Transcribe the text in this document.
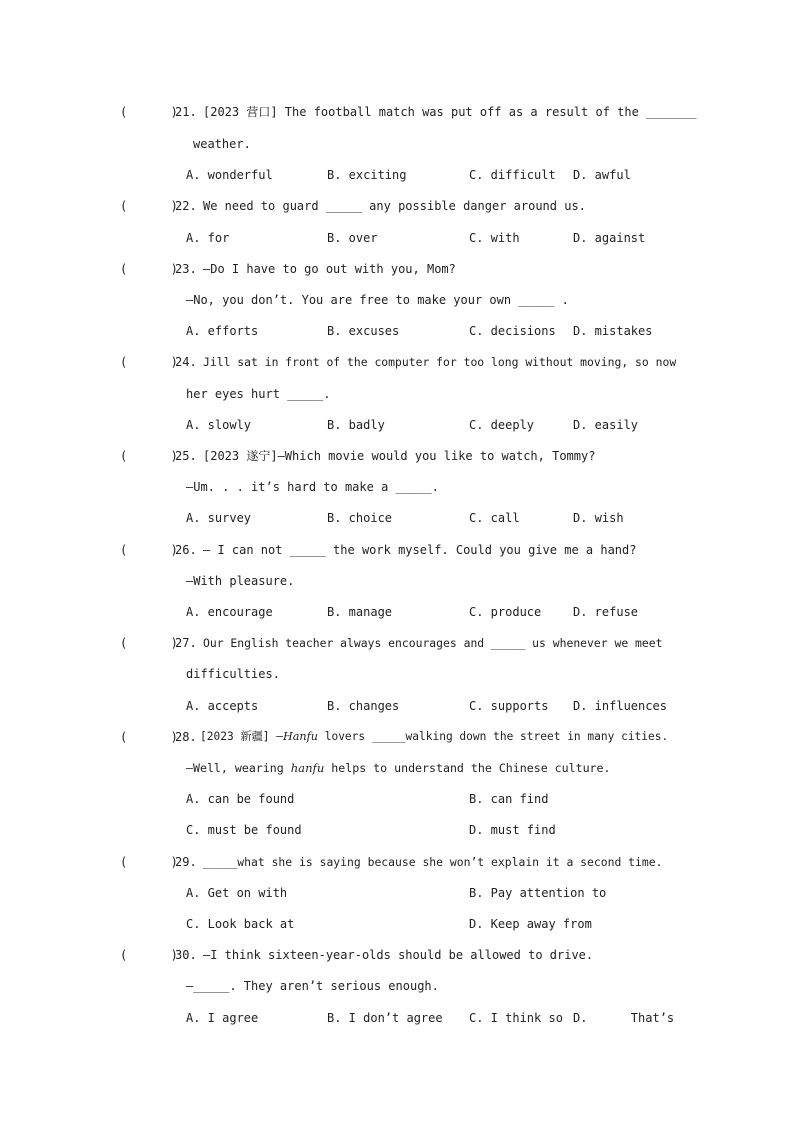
(      )
21. [2023 营口] The football match was put off as a result of the _______
weather.
A. wonderful	B. exciting	C. difficult D. awful
(      )
22. We need to guard _____ any possible danger around us.
A. for	B. over	C. with	D. against
(      )
23. —Do I have to go out with you, Mom?
—No, you don’t. You are free to make your own _____ .
A. efforts	B. excuses	C. decisions D. mistakes
(      )
24. Jill sat in front of the computer for too long without moving, so now
her eyes hurt _____.
A. slowly	B. badly	C. deeply	D. easily
(      )
25. [2023 遂宁]—Which movie would you like to watch, Tommy?
—Um. . . it’s hard to make a _____.
A. survey	B. choice	C. call	D. wish
(      )
26. — I can not _____ the work myself. Could you give me a hand?
—With pleasure.
A. encourage	B. manage	C. produce	D. refuse
(      )
27. Our English teacher always encourages and _____ us whenever we meet
difficulties.
A. accepts	B. changes	C. supports D. influences
(      )
28. [2023 新疆] —Hanfu lovers _____walking down the street in many cities.
—Well, wearing hanfu helps to understand the Chinese culture.
A. can be found	B. can find
C. must be found	D. must find
(      )
29. _____what she is saying because she won’t explain it a second time.
A. Get on with	B. Pay attention to
C. Look back at	D. Keep away from
(      )
30. —I think sixteen-year-olds should be allowed to drive.
—_____. They aren’t serious enough.
A. I agree	B. I don’t agree C. I think so D.      That’s
